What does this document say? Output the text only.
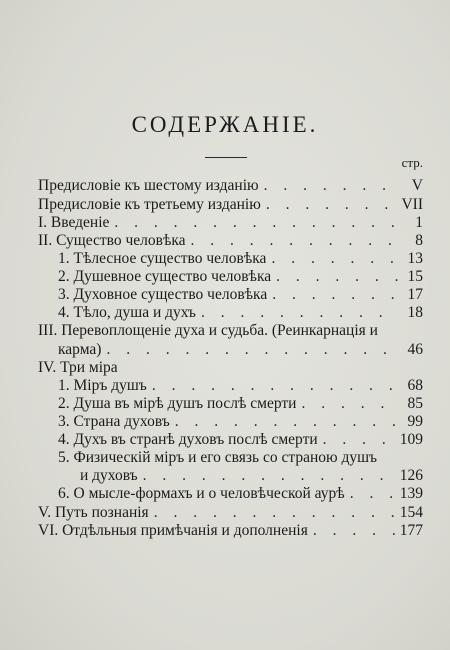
СОДЕРЖАНІЕ.
стр.
Предисловіе къ шестому изданію . . .	V
Предисловіе къ третьему изданію . . .	VII
I. Введеніе . . .	1
II. Существо человѣка . . .	8
1. Тѣлесное существо человѣка . . .	13
2. Душевное существо человѣка . . .	15
3. Духовное существо человѣка . . .	17
4. Тѣло, душа и духъ . . .	18
III. Перевоплощеніе духа и судьба. (Реинкарнація и
карма) . . .	46
IV. Три міра
1. Міръ душъ . . .	68
2. Душа въ мірѣ душъ послѣ смерти . . .	85
3. Страна духовъ . . .	99
4. Духъ въ странѣ духовъ послѣ смерти . . .	109
5. Физическій міръ и его связь со страною душъ
и духовъ . . .	126
6. О мысле-формахъ и о человѣческой аурѣ . . .	139
V. Путь познанія . . .	154
VI. Отдѣльныя примѣчанія и дополненія . . .	177
